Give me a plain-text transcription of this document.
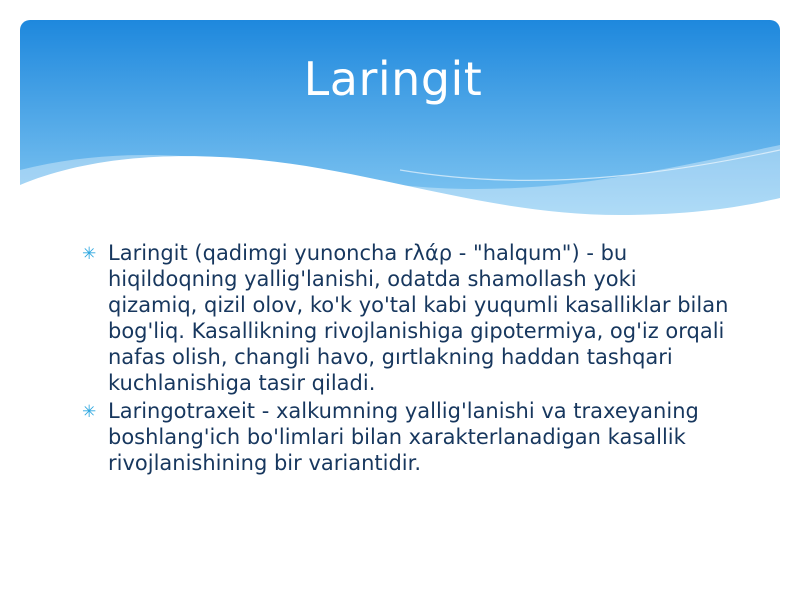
Laringit
✳ Laringit (qadimgi yunoncha rλάρ - "halqum") - bu hiqildoqning yallig'lanishi, odatda shamollash yoki qizamiq, qizil olov, ko'k yo'tal kabi yuqumli kasalliklar bilan bog'liq. Kasallikning rivojlanishiga gipotermiya, og'iz orqali nafas olish, changli havo, gırtlakning haddan tashqari kuchlanishiga tasir qiladi.
✳ Laringotraxeit - xalkumning yallig'lanishi va traxeyaning boshlang'ich bo'limlari bilan xarakterlanadigan kasallik rivojlanishining bir variantidir.
